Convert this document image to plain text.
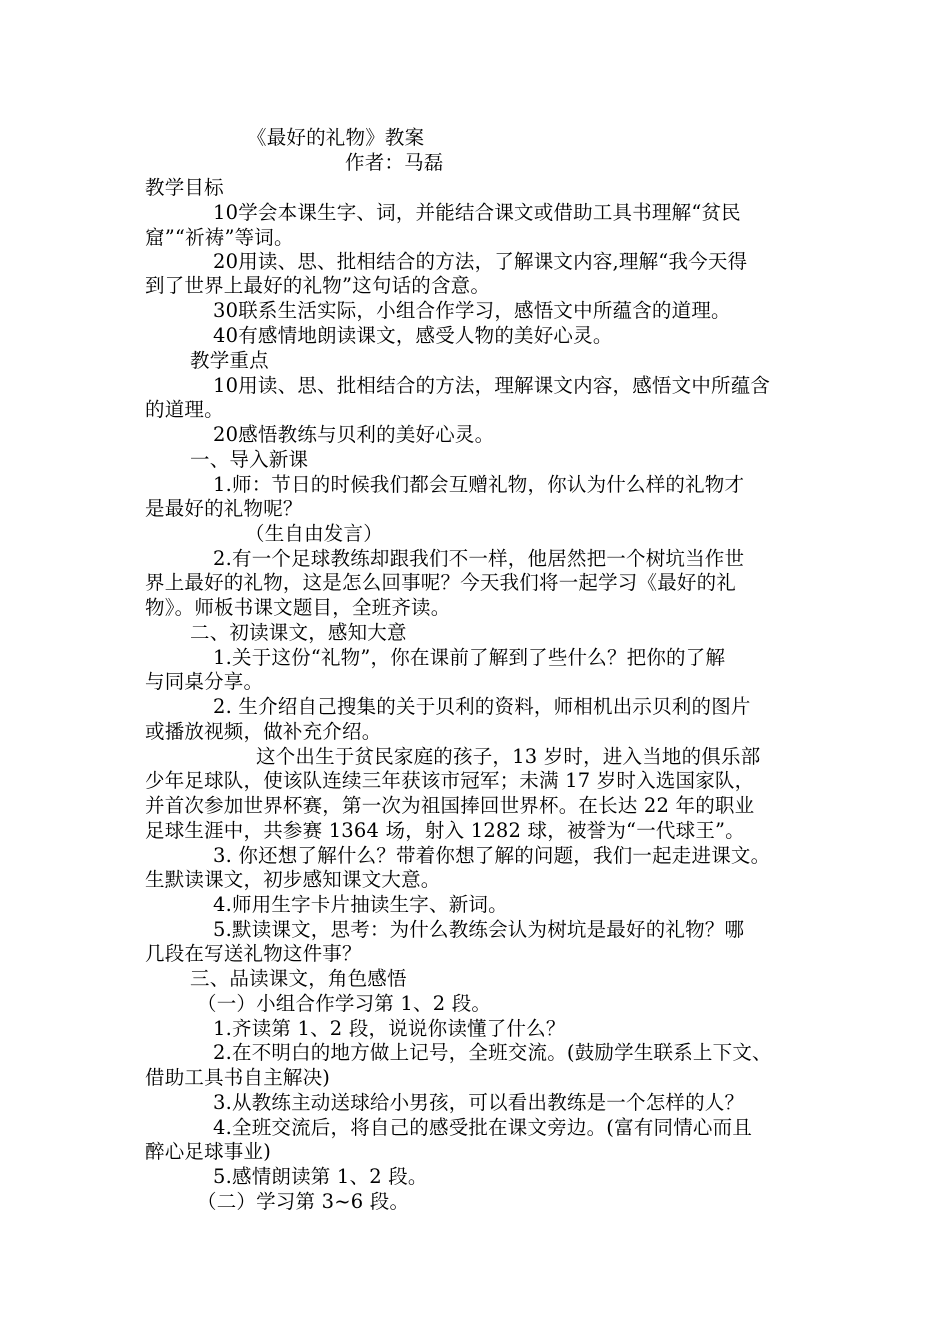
《最好的礼物》教案
作者：马磊
教学目标
10学会本课生字、词，并能结合课文或借助工具书理解“贫民
窟”“祈祷”等词。
20用读、思、批相结合的方法，了解课文内容,理解“我今天得
到了世界上最好的礼物”这句话的含意。
30联系生活实际，小组合作学习，感悟文中所蕴含的道理。
40有感情地朗读课文，感受人物的美好心灵。
教学重点
10用读、思、批相结合的方法，理解课文内容，感悟文中所蕴含
的道理。
20感悟教练与贝利的美好心灵。
一、导入新课
1.师：节日的时候我们都会互赠礼物，你认为什么样的礼物才
是最好的礼物呢？
（生自由发言）
2.有一个足球教练却跟我们不一样，他居然把一个树坑当作世
界上最好的礼物，这是怎么回事呢？今天我们将一起学习《最好的礼
物》。师板书课文题目，全班齐读。
二、初读课文，感知大意
1.关于这份“礼物”，你在课前了解到了些什么？把你的了解
与同桌分享。
2. 生介绍自己搜集的关于贝利的资料，师相机出示贝利的图片
或播放视频，做补充介绍。
这个出生于贫民家庭的孩子，13 岁时，进入当地的俱乐部
少年足球队，使该队连续三年获该市冠军；未满 17 岁时入选国家队，
并首次参加世界杯赛，第一次为祖国捧回世界杯。在长达 22 年的职业
足球生涯中，共参赛 1364 场，射入 1282 球，被誉为“一代球王”。
3. 你还想了解什么？带着你想了解的问题，我们一起走进课文。
生默读课文，初步感知课文大意。
4.师用生字卡片抽读生字、新词。
5.默读课文，思考：为什么教练会认为树坑是最好的礼物？哪
几段在写送礼物这件事？
三、品读课文，角色感悟
（一）小组合作学习第 1、2 段。
1.齐读第 1、2 段，说说你读懂了什么？
2.在不明白的地方做上记号，全班交流。(鼓励学生联系上下文、
借助工具书自主解决)
3.从教练主动送球给小男孩，可以看出教练是一个怎样的人？
4.全班交流后，将自己的感受批在课文旁边。(富有同情心而且
醉心足球事业)
5.感情朗读第 1、2 段。
（二）学习第 3~6 段。
